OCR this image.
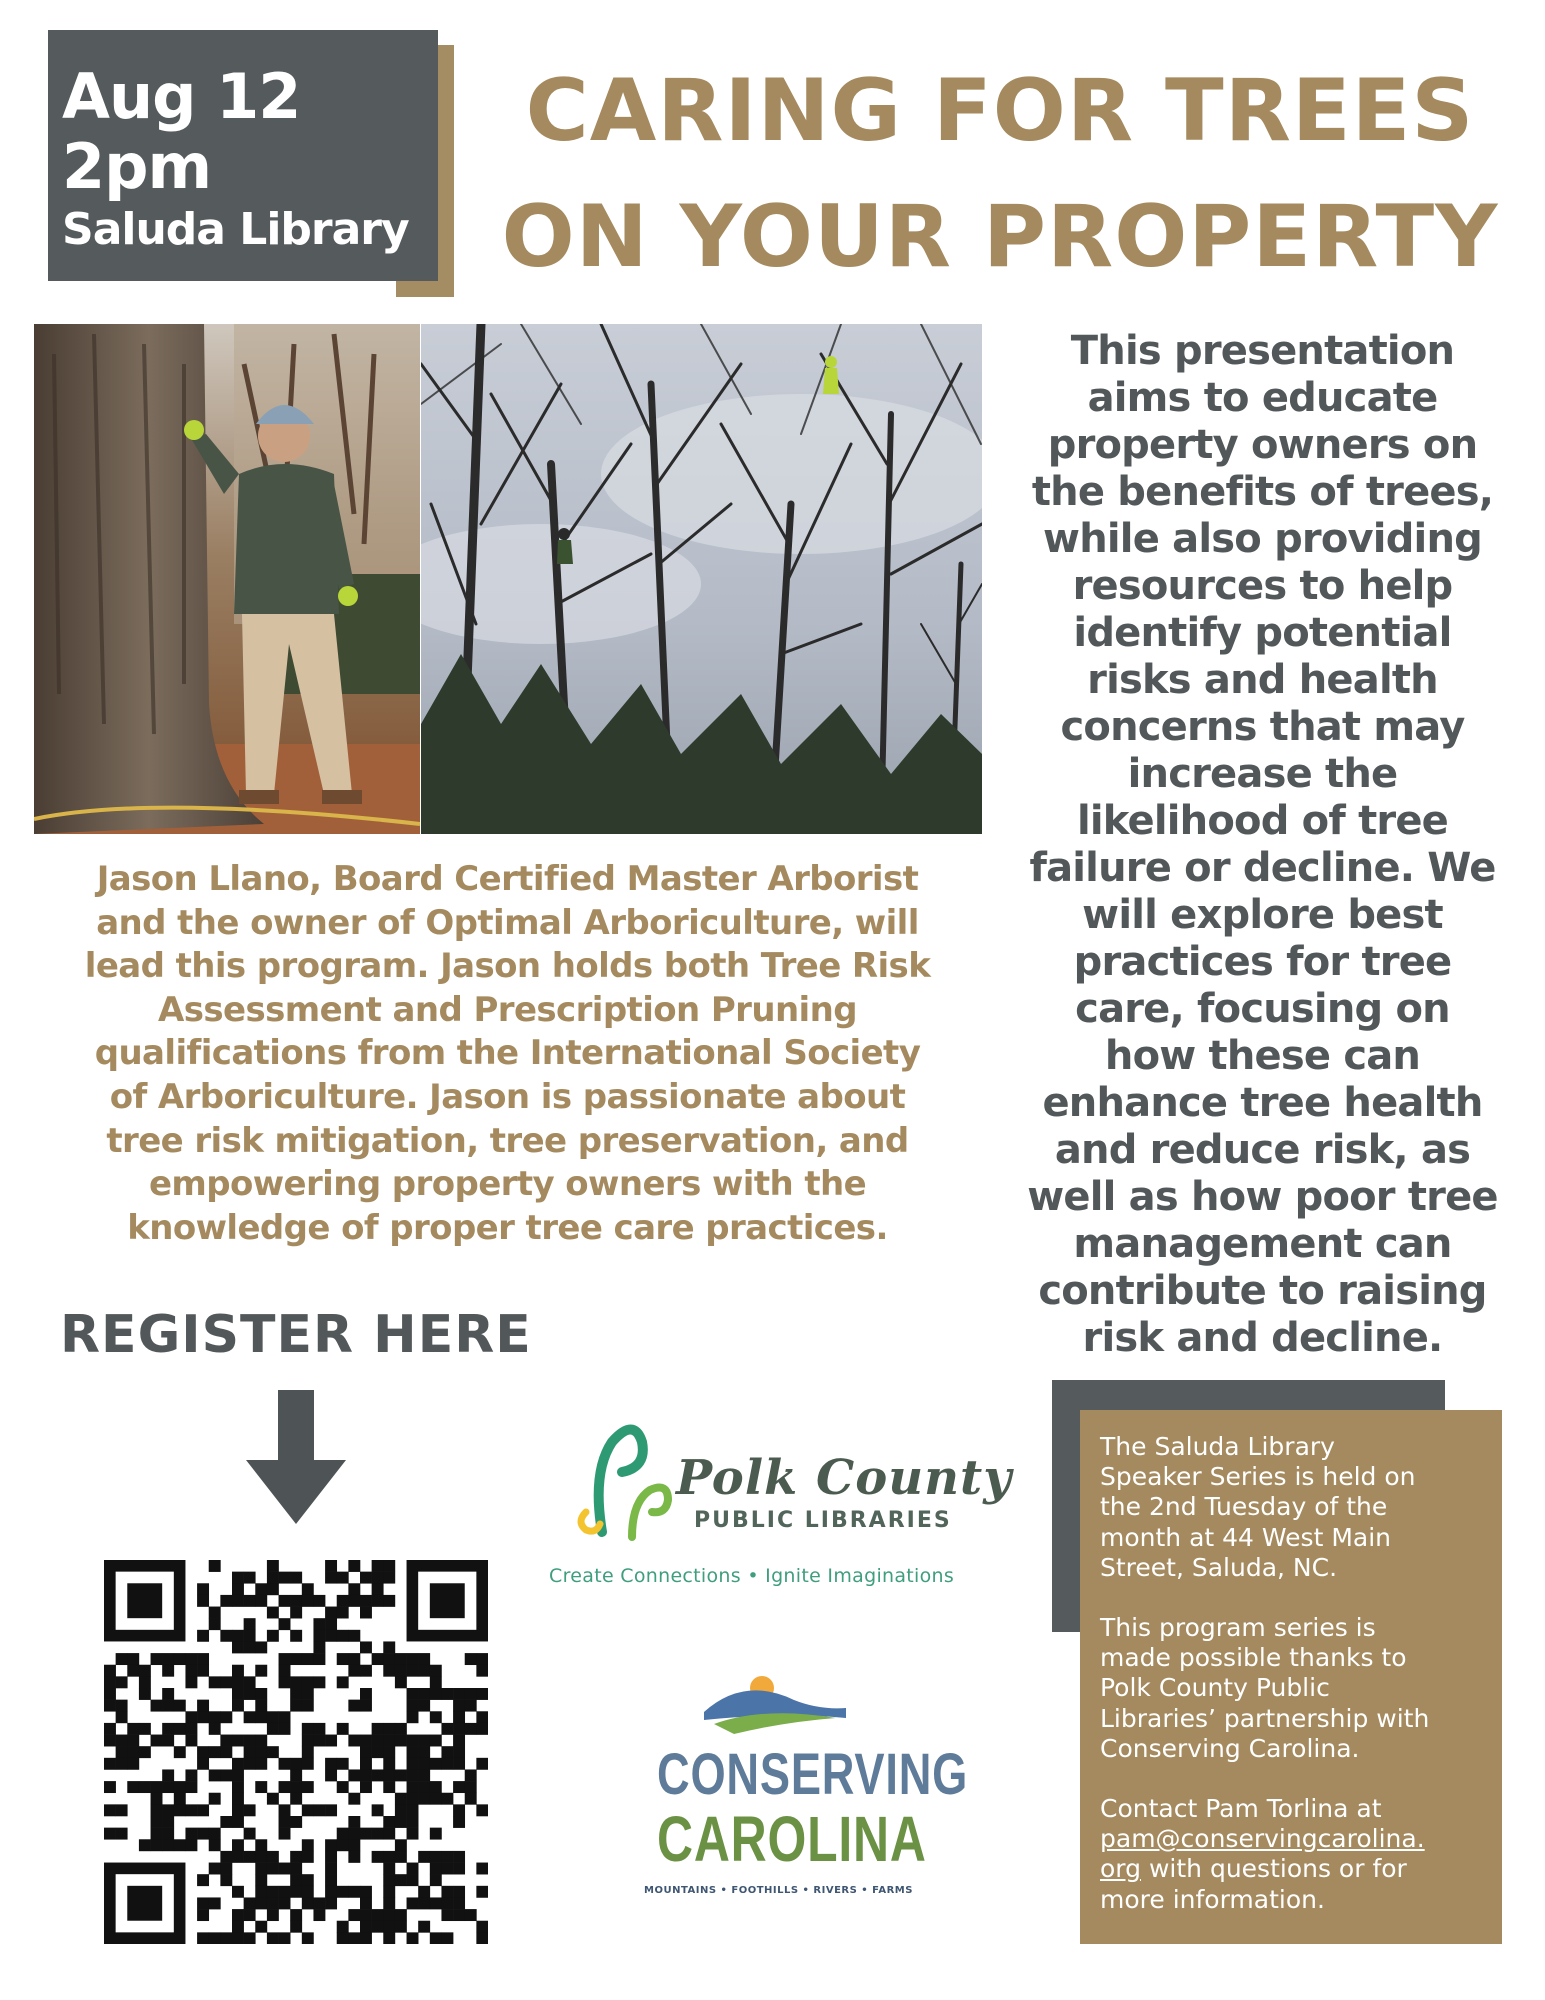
Aug 12
2pm
Saluda Library
CARING FOR TREES
ON YOUR PROPERTY
Jason Llano, Board Certified Master Arborist
and the owner of Optimal Arboriculture, will
lead this program. Jason holds both Tree Risk
Assessment and Prescription Pruning
qualifications from the International Society
of Arboriculture. Jason is passionate about
tree risk mitigation, tree preservation, and
empowering property owners with the
knowledge of proper tree care practices.
This presentation
aims to educate
property owners on
the benefits of trees,
while also providing
resources to help
identify potential
risks and health
concerns that may
increase the
likelihood of tree
failure or decline. We
will explore best
practices for tree
care, focusing on
how these can
enhance tree health
and reduce risk, as
well as how poor tree
management can
contribute to raising
risk and decline.
REGISTER HERE
Polk County
PUBLIC LIBRARIES
Create Connections • Ignite Imaginations
CONSERVING
CAROLINA
MOUNTAINS • FOOTHILLS • RIVERS • FARMS

The Saluda Library
Speaker Series is held on
the 2nd Tuesday of the
month at 44 West Main
Street, Saluda, NC.

This program series is
made possible thanks to
Polk County Public
Libraries’ partnership with
Conserving Carolina.

Contact Pam Torlina at
pam@conservingcarolina.
org with questions or for
more information.
